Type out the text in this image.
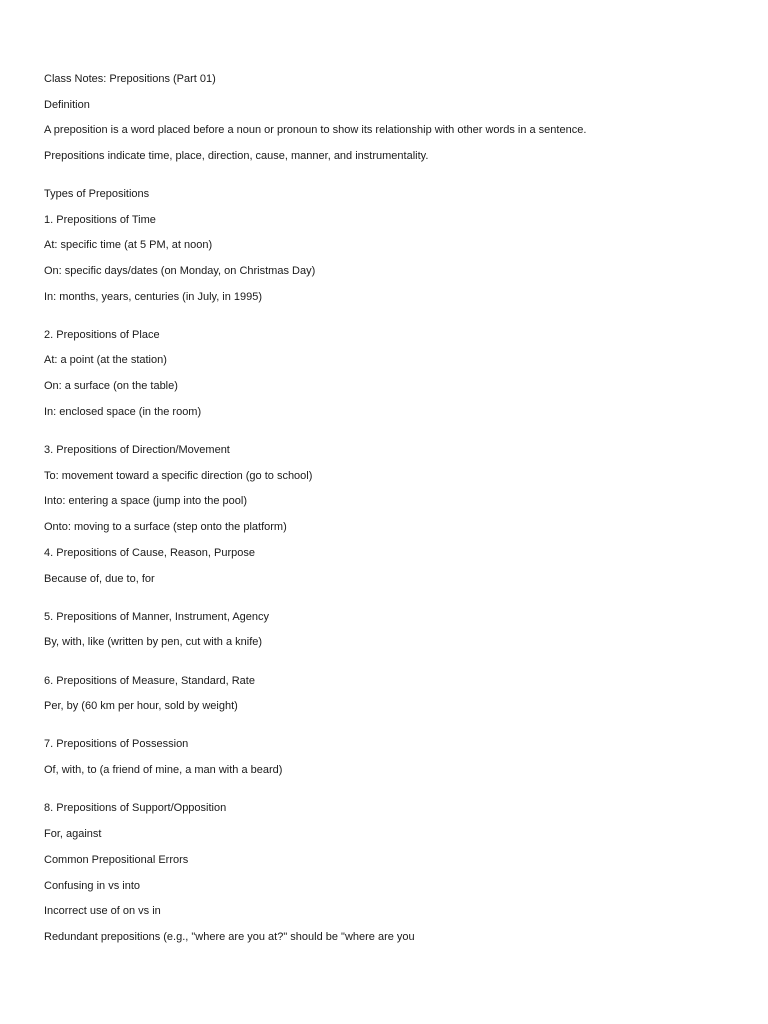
Class Notes: Prepositions (Part 01)
Definition
A preposition is a word placed before a noun or pronoun to show its relationship with other words in a sentence.
Prepositions indicate time, place, direction, cause, manner, and instrumentality.
Types of Prepositions
1. Prepositions of Time
At: specific time (at 5 PM, at noon)
On: specific days/dates (on Monday, on Christmas Day)
In: months, years, centuries (in July, in 1995)
2. Prepositions of Place
At: a point (at the station)
On: a surface (on the table)
In: enclosed space (in the room)
3. Prepositions of Direction/Movement
To: movement toward a specific direction (go to school)
Into: entering a space (jump into the pool)
Onto: moving to a surface (step onto the platform)
4. Prepositions of Cause, Reason, Purpose
Because of, due to, for
5. Prepositions of Manner, Instrument, Agency
By, with, like (written by pen, cut with a knife)
6. Prepositions of Measure, Standard, Rate
Per, by (60 km per hour, sold by weight)
7. Prepositions of Possession
Of, with, to (a friend of mine, a man with a beard)
8. Prepositions of Support/Opposition
For, against
Common Prepositional Errors
Confusing in vs into
Incorrect use of on vs in
Redundant prepositions (e.g., "where are you at?" should be "where are you
